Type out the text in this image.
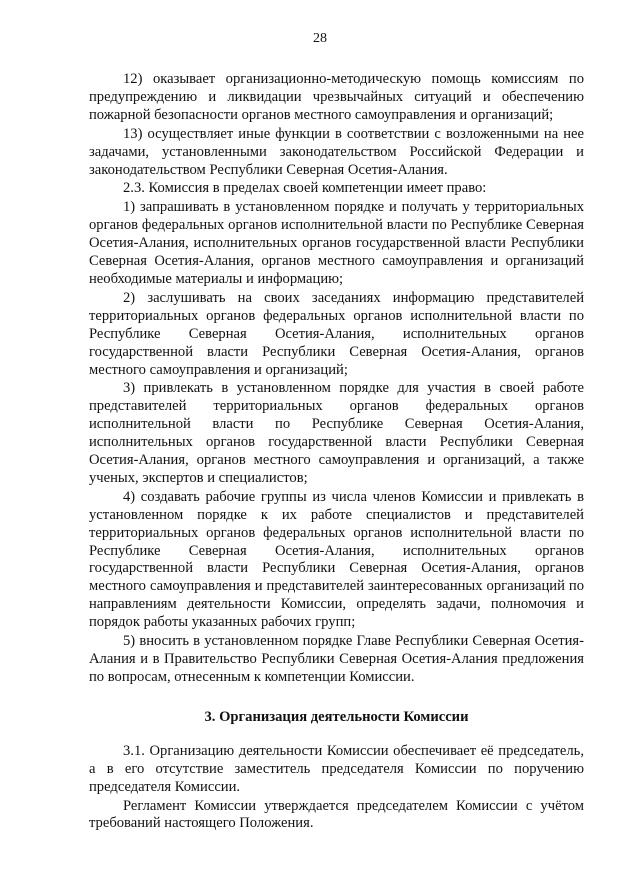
28

12) оказывает организационно-методическую помощь комиссиям по предупреждению и ликвидации чрезвычайных ситуаций и обеспечению пожарной безопасности органов местного самоуправления и организаций;

13) осуществляет иные функции в соответствии с возложенными на нее задачами, установленными законодательством Российской Федерации и законодательством Республики Северная Осетия-Алания.

2.3. Комиссия в пределах своей компетенции имеет право:

1) запрашивать в установленном порядке и получать у территориальных органов федеральных органов исполнительной власти по Республике Северная Осетия-Алания, исполнительных органов государственной власти Республики Северная Осетия-Алания, органов местного самоуправления и организаций необходимые материалы и информацию;

2) заслушивать на своих заседаниях информацию представителей территориальных органов федеральных органов исполнительной власти по Республике Северная Осетия-Алания, исполнительных органов государственной власти Республики Северная Осетия-Алания, органов местного самоуправления и организаций;

3) привлекать в установленном порядке для участия в своей работе представителей территориальных органов федеральных органов исполнительной власти по Республике Северная Осетия-Алания, исполнительных органов государственной власти Республики Северная Осетия-Алания, органов местного самоуправления и организаций, а также ученых, экспертов и специалистов;

4) создавать рабочие группы из числа членов Комиссии и привлекать в установленном порядке к их работе специалистов и представителей территориальных органов федеральных органов исполнительной власти по Республике Северная Осетия-Алания, исполнительных органов государственной власти Республики Северная Осетия-Алания, органов местного самоуправления и представителей заинтересованных организаций по направлениям деятельности Комиссии, определять задачи, полномочия и порядок работы указанных рабочих групп;

5) вносить в установленном порядке Главе Республики Северная Осетия-Алания и в Правительство Республики Северная Осетия-Алания предложения по вопросам, отнесенным к компетенции Комиссии.

3. Организация деятельности Комиссии

3.1. Организацию деятельности Комиссии обеспечивает её председатель, а в его отсутствие заместитель председателя Комиссии по поручению председателя Комиссии.

Регламент Комиссии утверждается председателем Комиссии с учётом требований настоящего Положения.
